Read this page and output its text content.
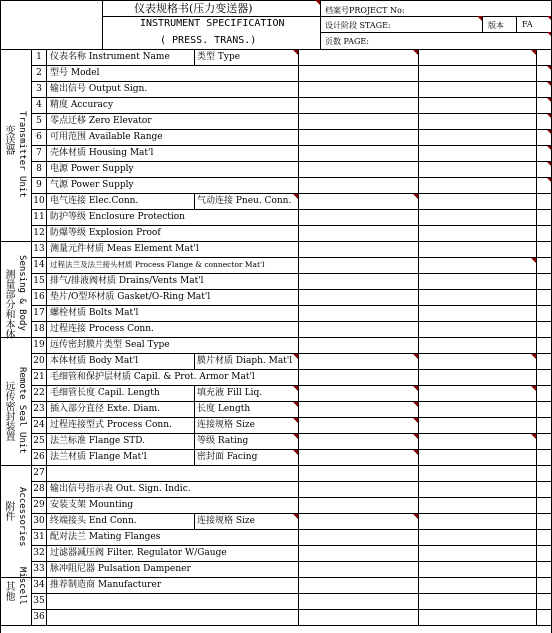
仪表规格书(压力变送器)
INSTRUMENT SPECIFICATION
( PRESS. TRANS.)
档案号PROJECT No:
设计阶段 STAGE:	版本 FA
页数 PAGE:
1 仪表名称 Instrument Name	类型 Type
2 型号 Model
3 输出信号 Output Sign.
4 精度 Accuracy
5 零点迁移 Zero Elevator
6 可用范围 Available Range
7 壳体材质 Housing Mat'l
8 电源 Power Supply
9 气源 Power Supply
10 电气连接 Elec.Conn.	气动连接 Pneu. Conn.
11 防护等级 Enclosure Protection
12 防爆等级 Explosion Proof
13 测量元件材质 Meas Element Mat'l
14 过程法兰及法兰接头材质 Process Flange & connector Mat'l
15 排气/排液阀材质 Drains/Vents Mat'l
16 垫片/O型环材质 Gasket/O-Ring Mat'l
17 螺栓材质 Bolts Mat'l
18 过程连接 Process Conn.
19 远传密封膜片类型 Seal Type
20 本体材质 Body Mat'l	膜片材质 Diaph. Mat'l
21 毛细管和保护层材质 Capil. & Prot. Armor Mat'l
22 毛细管长度 Capil. Length	填充液 Fill Liq.
23 插入部分直径 Exte. Diam.	长度 Length
24 过程连接型式 Process Conn.	连接规格 Size
25 法兰标准 Flange STD.	等级 Rating
26 法兰材质 Flange Mat'l	密封面 Facing
27
28 输出信号指示表 Out. Sign. Indic.
29 安装支架 Mounting
30 终端接头 End Conn.	连接规格 Size
31 配对法兰 Mating Flanges
32 过滤器减压阀 Filter. Regulator W/Gauge
33 脉冲阻尼器 Pulsation Dampener
34 推荐制造商 Manufacturer
35
36
变送器 Transmitter Unit
测量部分和本体 Sensing & Body
远传密封装置 Remote Seal Unit
附件 Accessories
其他 Miscell
